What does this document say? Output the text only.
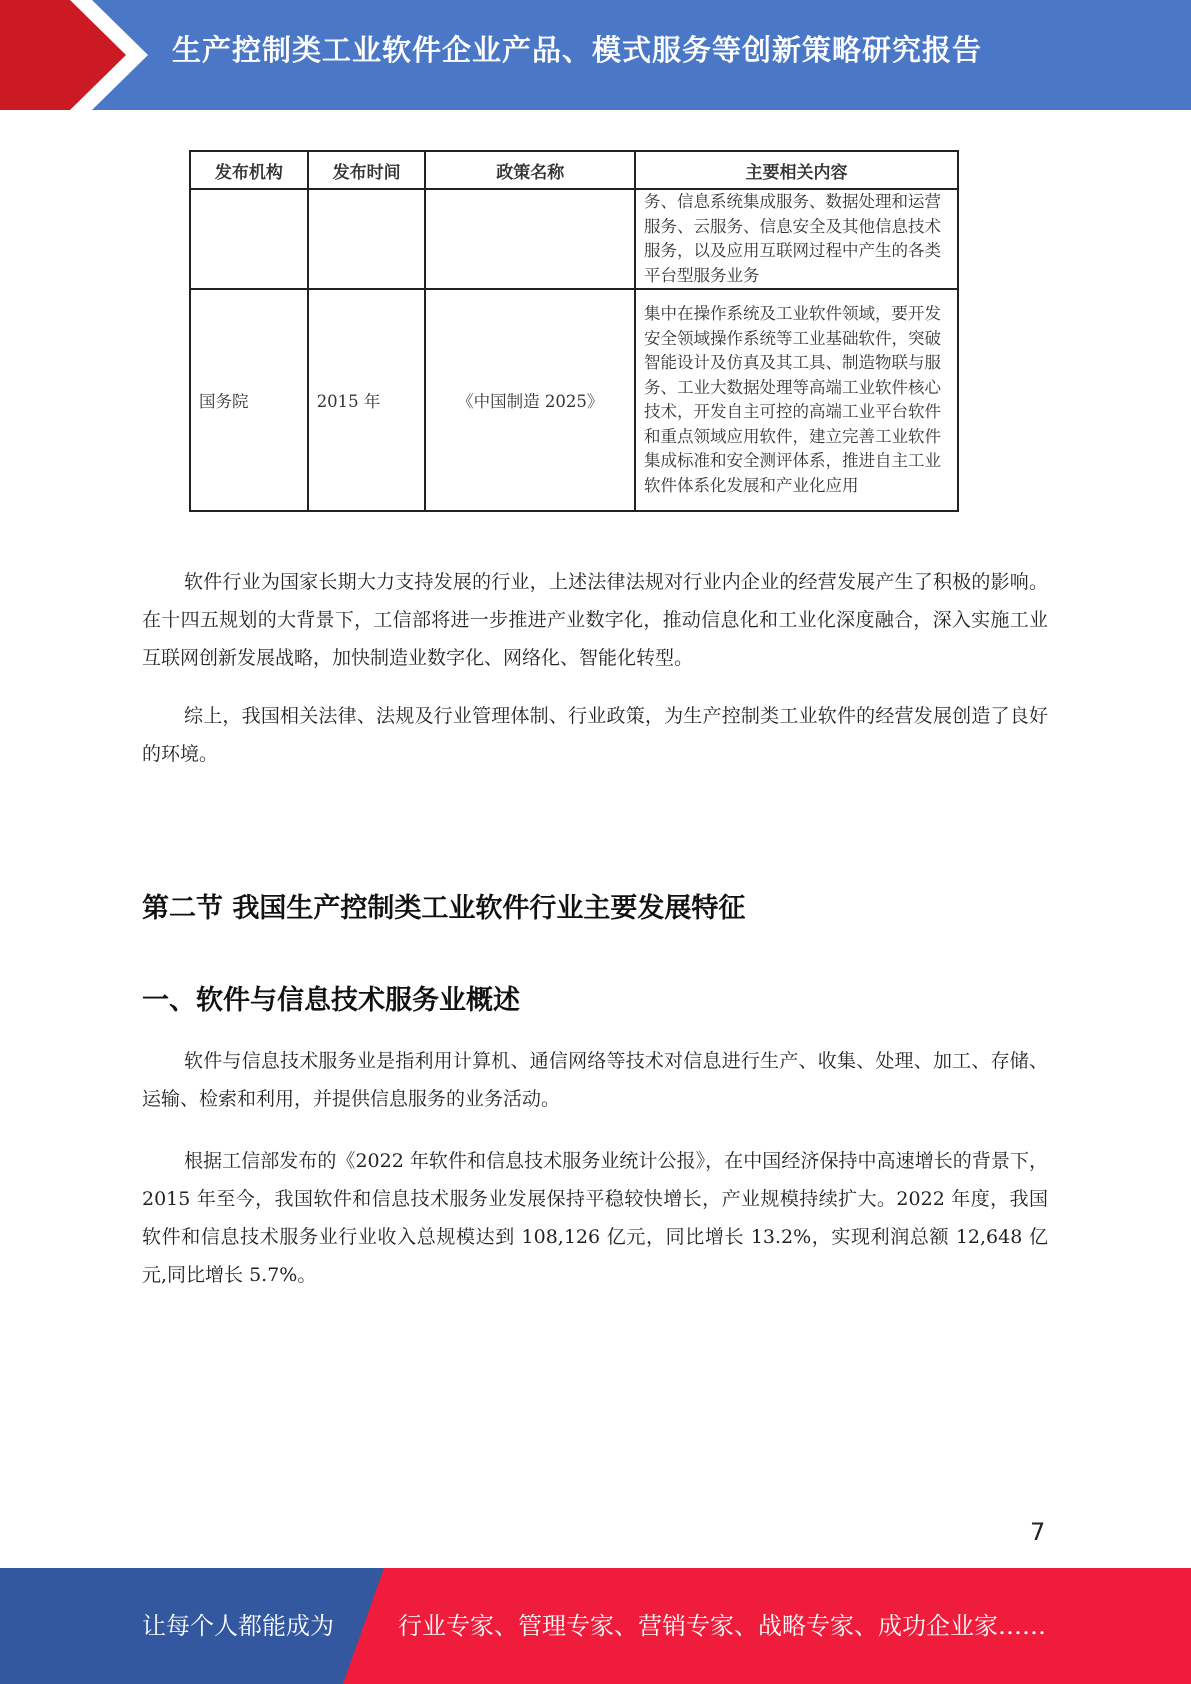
生产控制类工业软件企业产品、模式服务等创新策略研究报告
发布机构	发布时间	政策名称	主要相关内容
			务、信息系统集成服务、数据处理和运营服务、云服务、信息安全及其他信息技术服务，以及应用互联网过程中产生的各类平台型服务业务
国务院	2015 年	《中国制造 2025》	集中在操作系统及工业软件领域，要开发安全领域操作系统等工业基础软件，突破智能设计及仿真及其工具、制造物联与服务、工业大数据处理等高端工业软件核心技术，开发自主可控的高端工业平台软件和重点领域应用软件，建立完善工业软件集成标准和安全测评体系，推进自主工业软件体系化发展和产业化应用

软件行业为国家长期大力支持发展的行业，上述法律法规对行业内企业的经营发展产生了积极的影响。在十四五规划的大背景下，工信部将进一步推进产业数字化，推动信息化和工业化深度融合，深入实施工业互联网创新发展战略，加快制造业数字化、网络化、智能化转型。

综上，我国相关法律、法规及行业管理体制、行业政策，为生产控制类工业软件的经营发展创造了良好的环境。

第二节 我国生产控制类工业软件行业主要发展特征
一、软件与信息技术服务业概述

软件与信息技术服务业是指利用计算机、通信网络等技术对信息进行生产、收集、处理、加工、存储、运输、检索和利用，并提供信息服务的业务活动。

根据工信部发布的《2022 年软件和信息技术服务业统计公报》，在中国经济保持中高速增长的背景下，2015 年至今，我国软件和信息技术服务业发展保持平稳较快增长，产业规模持续扩大。2022 年度，我国软件和信息技术服务业行业收入总规模达到 108,126 亿元，同比增长 13.2%，实现利润总额 12,648 亿元,同比增长 5.7%。

7
让每个人都能成为	行业专家、管理专家、营销专家、战略专家、成功企业家……
